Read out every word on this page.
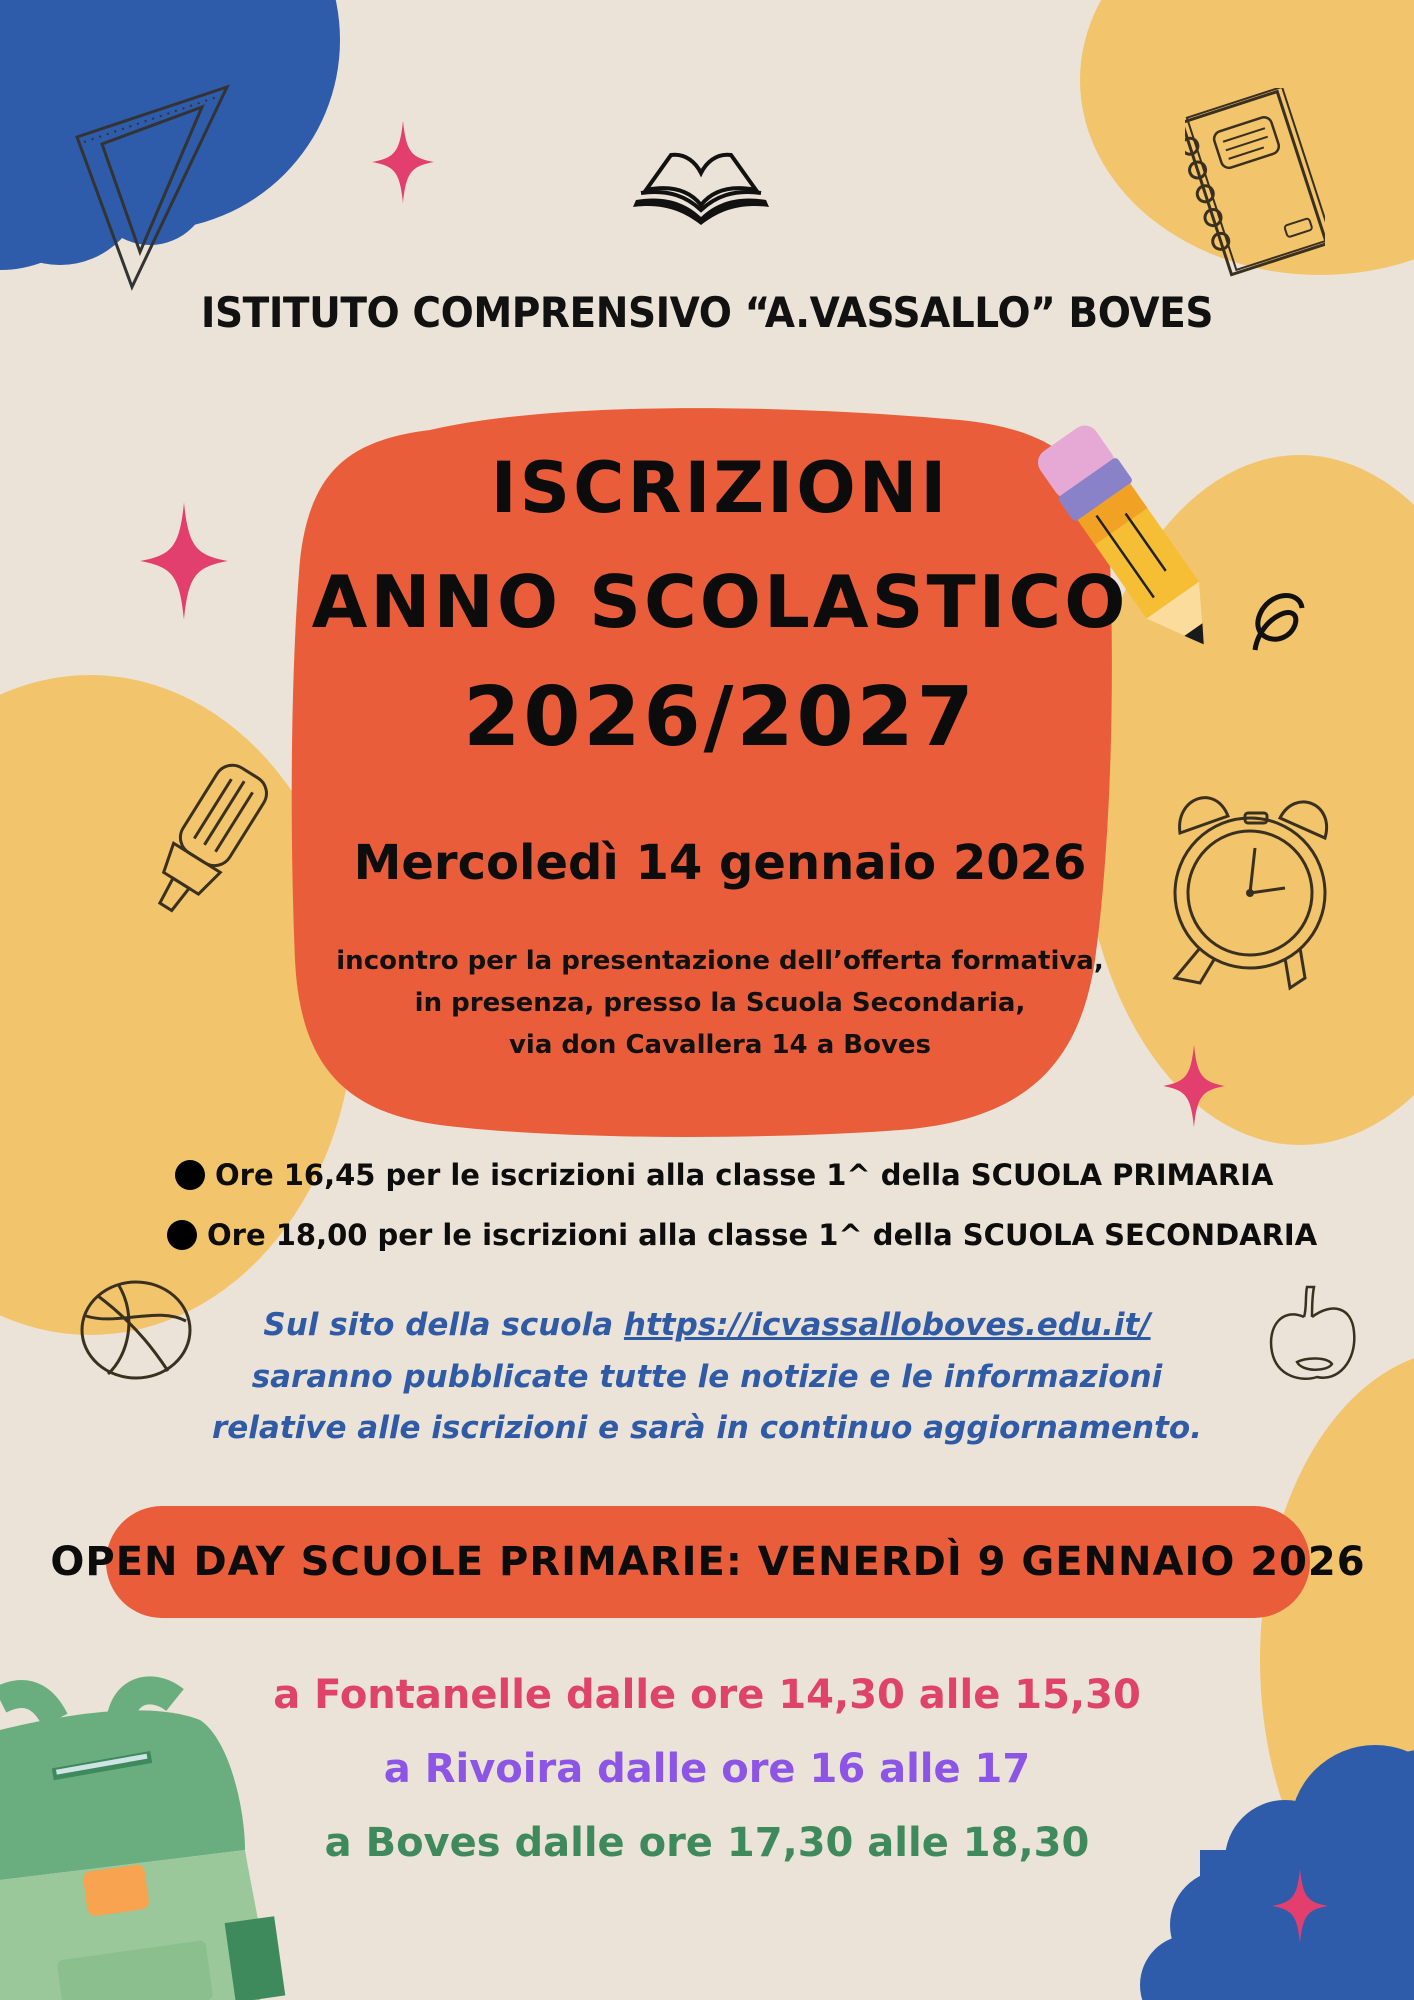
ISTITUTO COMPRENSIVO “A.VASSALLO” BOVES
ISCRIZIONI
ANNO SCOLASTICO
2026/2027
Mercoledì 14 gennaio 2026
incontro per la presentazione dell’offerta formativa,
in presenza, presso la Scuola Secondaria,
via don Cavallera 14 a Boves
Ore 16,45 per le iscrizioni alla classe 1^ della SCUOLA PRIMARIA
Ore 18,00 per le iscrizioni alla classe 1^ della SCUOLA SECONDARIA
Sul sito della scuola https://icvassalloboves.edu.it/
saranno pubblicate tutte le notizie e le informazioni
relative alle iscrizioni e sarà in continuo aggiornamento.
OPEN DAY SCUOLE PRIMARIE: VENERDÌ 9 GENNAIO 2026
a Fontanelle dalle ore 14,30 alle 15,30
a Rivoira dalle ore 16 alle 17
a Boves dalle ore 17,30 alle 18,30
